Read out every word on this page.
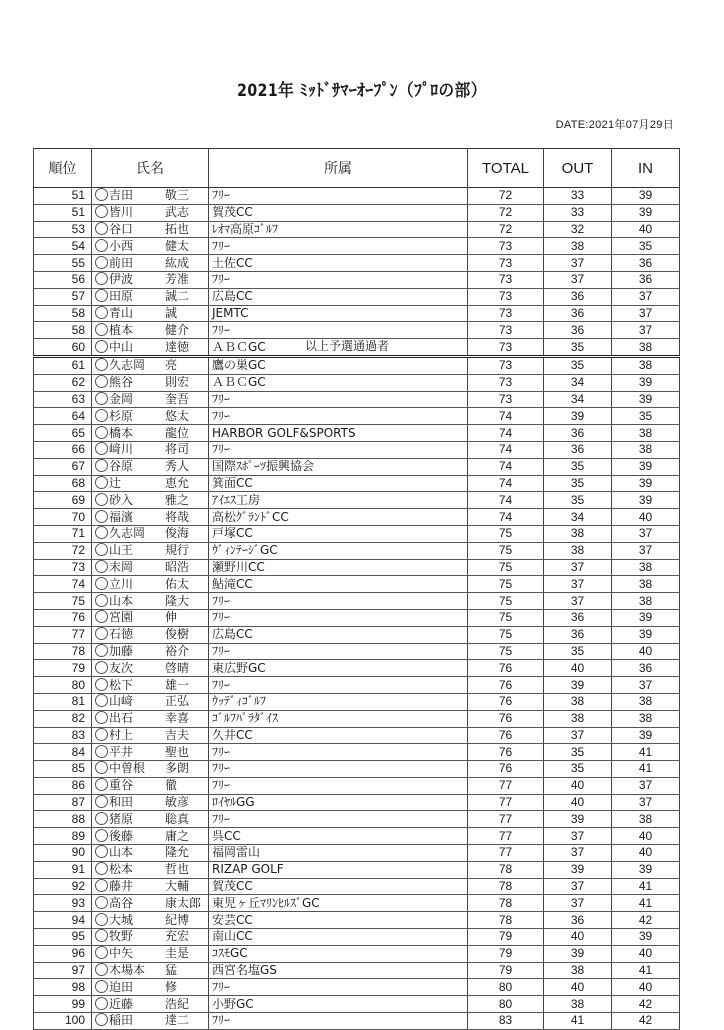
2021年 ﾐｯﾄﾞｻﾏｰｵｰﾌﾟﾝ（ﾌﾟﾛの部）
DATE:2021年07月29日
順位	氏名	所属	TOTAL	OUT	IN
51	吉田 敬三	ﾌﾘｰ	72	33	39
51	皆川 武志	賀茂CC	72	33	39
53	谷口 拓也	ﾚｵﾏ高原ｺﾞﾙﾌ	72	32	40
54	小西 健太	ﾌﾘｰ	73	38	35
55	前田 紘成	土佐CC	73	37	36
56	伊波 芳准	ﾌﾘｰ	73	37	36
57	田原 誠二	広島CC	73	36	37
58	青山 誠	JEMTC	73	36	37
58	植本 健介	ﾌﾘｰ	73	36	37
60	中山 達徳	ＡＢＣGC 以上予選通過者	73	35	38
61	久志岡 亮	鷹の巣GC	73	35	38
62	熊谷 則宏	ＡＢＣGC	73	34	39
63	金岡 奎吾	ﾌﾘｰ	73	34	39
64	杉原 悠太	ﾌﾘｰ	74	39	35
65	橋本 龍位	HARBOR GOLF&SPORTS	74	36	38
66	﨑川 将司	ﾌﾘｰ	74	36	38
67	谷原 秀人	国際ｽﾎﾟｰﾂ振興協会	74	35	39
68	辻 恵允	箕面CC	74	35	39
69	砂入 雅之	ｱｲｴｽ工房	74	35	39
70	福濱 将哉	高松ｸﾞﾗﾝﾄﾞCC	74	34	40
71	久志岡 俊海	戸塚CC	75	38	37
72	山王 規行	ｳﾞｨﾝﾃｰｼﾞGC	75	38	37
73	末岡 昭浩	瀬野川CC	75	37	38
74	立川 佑太	鮎滝CC	75	37	38
75	山本 隆大	ﾌﾘｰ	75	37	38
76	宮園 伸	ﾌﾘｰ	75	36	39
77	石徳 俊樹	広島CC	75	36	39
78	加藤 裕介	ﾌﾘｰ	75	35	40
79	友次 啓晴	東広野GC	76	40	36
80	松下 雄一	ﾌﾘｰ	76	39	37
81	山﨑 正弘	ｳｯﾃﾞｨｺﾞﾙﾌ	76	38	38
82	出石 幸喜	ｺﾞﾙﾌﾊﾟﾗﾀﾞｲｽ	76	38	38
83	村上 吉夫	久井CC	76	37	39
84	平井 聖也	ﾌﾘｰ	76	35	41
85	中曽根 多朗	ﾌﾘｰ	76	35	41
86	重谷 徹	ﾌﾘｰ	77	40	37
87	和田 敏彦	ﾛｲﾔﾙGG	77	40	37
88	猪原 聡真	ﾌﾘｰ	77	39	38
89	後藤 庸之	呉CC	77	37	40
90	山本 隆允	福岡雷山	77	37	40
91	松本 哲也	RIZAP GOLF	78	39	39
92	藤井 大輔	賀茂CC	78	37	41
93	高谷 康太郎	東児ヶ丘ﾏﾘﾝﾋﾙｽﾞGC	78	37	41
94	大城 紀博	安芸CC	78	36	42
95	牧野 充宏	南山CC	79	40	39
96	中矢 圭是	ｺｽﾓGC	79	39	40
97	木場本 猛	西宮名塩GS	79	38	41
98	迫田 修	ﾌﾘｰ	80	40	40
99	近藤 浩紀	小野GC	80	38	42
100	稲田 達二	ﾌﾘｰ	83	41	42
